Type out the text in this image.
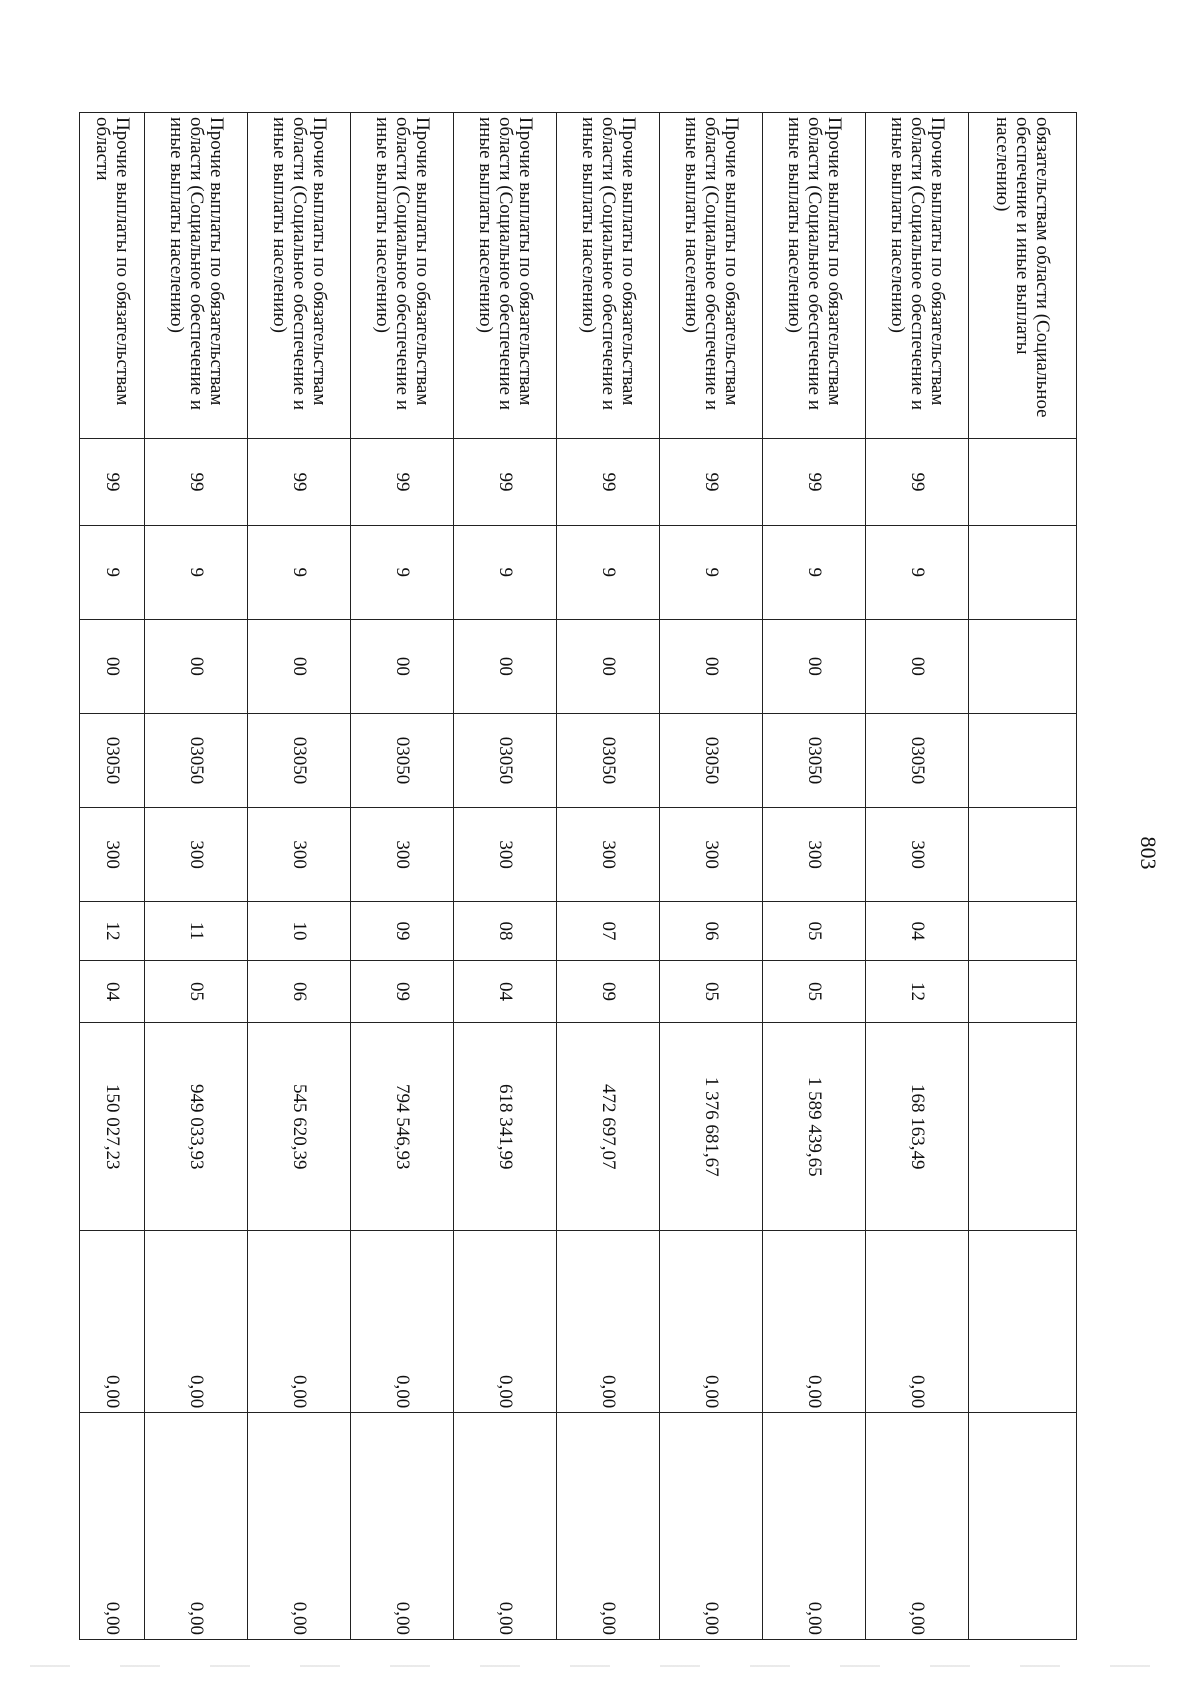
803
обязательствам области (Социальное обеспечение и иные выплаты населению)										
Прочие выплаты по обязательствам области (Социальное обеспечение и иные выплаты населению)	99	9	00	03050	300	04	12	168 163,49	0,00	0,00
Прочие выплаты по обязательствам области (Социальное обеспечение и иные выплаты населению)	99	9	00	03050	300	05	05	1 589 439,65	0,00	0,00
Прочие выплаты по обязательствам области (Социальное обеспечение и иные выплаты населению)	99	9	00	03050	300	06	05	1 376 681,67	0,00	0,00
Прочие выплаты по обязательствам области (Социальное обеспечение и иные выплаты населению)	99	9	00	03050	300	07	09	472 697,07	0,00	0,00
Прочие выплаты по обязательствам области (Социальное обеспечение и иные выплаты населению)	99	9	00	03050	300	08	04	618 341,99	0,00	0,00
Прочие выплаты по обязательствам области (Социальное обеспечение и иные выплаты населению)	99	9	00	03050	300	09	09	794 546,93	0,00	0,00
Прочие выплаты по обязательствам области (Социальное обеспечение и иные выплаты населению)	99	9	00	03050	300	10	06	545 620,39	0,00	0,00
Прочие выплаты по обязательствам области (Социальное обеспечение и иные выплаты населению)	99	9	00	03050	300	11	05	949 033,93	0,00	0,00
Прочие выплаты по обязательствам области	99	9	00	03050	300	12	04	150 027,23	0,00	0,00
